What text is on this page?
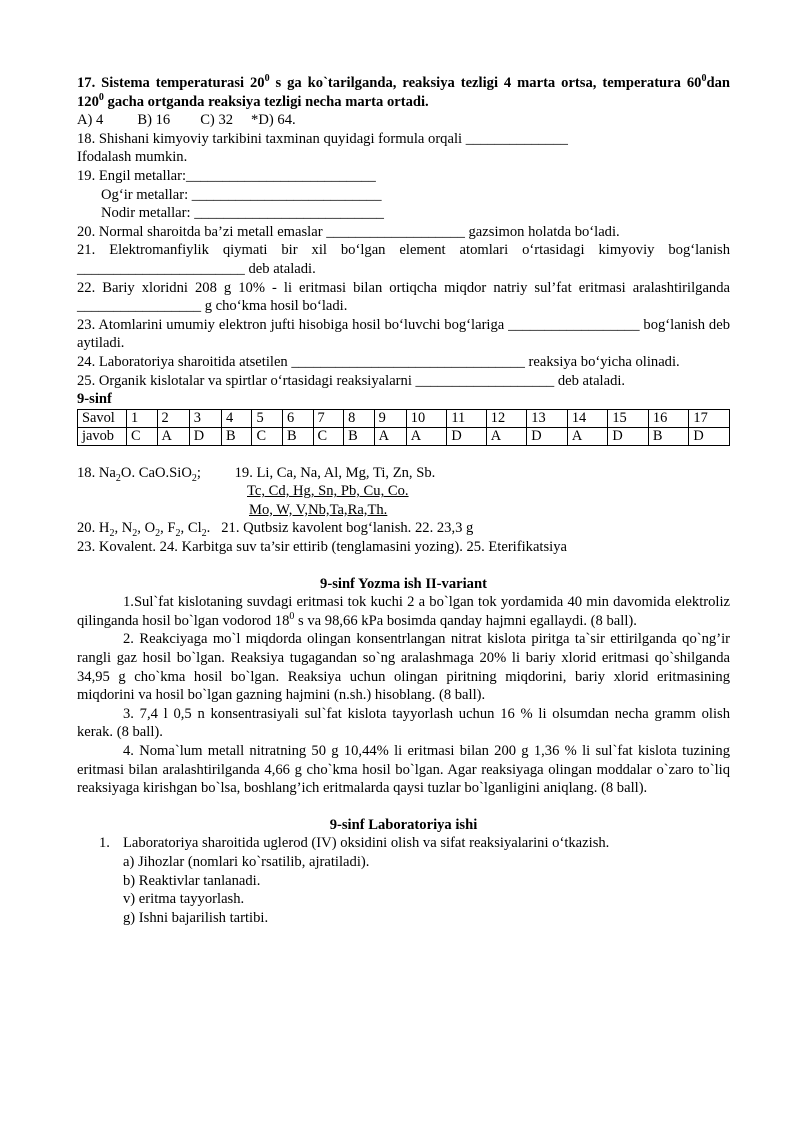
17. Sistema temperaturasi $20^0$ s ga ko`tarilganda, reaksiya tezligi 4 marta ortsa, temperatura $60^0dan$ $120^0$ gacha ortganda reaksiya tezligi necha marta ortadi.

A) 4 B) 16 C) 32 *D) 64.

18. Shishani kimyoviy tarkibini taxminan quyidagi formula orqali ______________

Ifodalash mumkin.

19. Engil metallar:__________________________

Og‘ir metallar: __________________________

Nodir metallar: __________________________

20. Normal sharoitda ba’zi metall emaslar ___________________ gazsimon holatda bo‘ladi.

21. Elektromanfiylik qiymati bir xil bo‘lgan element atomlari o‘rtasidagi kimyoviy bog‘lanish _______________________ deb ataladi.

22. Bariy xloridni 208 g 10% - li eritmasi bilan ortiqcha miqdor natriy sul’fat eritmasi aralashtirilganda _________________ g cho‘kma hosil bo‘ladi.

23. Atomlarini umumiy elektron jufti hisobiga hosil bo‘luvchi bog‘lariga __________________ bog‘lanish deb aytiladi.

24. Laboratoriya sharoitida atsetilen ________________________________ reaksiya bo‘yicha olinadi.

25. Organik kislotalar va spirtlar o‘rtasidagi reaksiyalarni ___________________ deb ataladi.

9-sinf

Savol	1	2	3	4	5	6	7	8	9	10	11	12	13	14	15	16	17
javob	C	A	D	B	C	B	C	B	A	A	D	A	D	A	D	B	D

18. $Na_2O$. CaO.SiO$_2$; 19. Li, Ca, Na, Al, Mg, Ti, Zn, Sb.

Tc, Cd, Hg, Sn, Pb, Cu, Co.

Mo, W, V,Nb,Ta,Ra,Th.

20. $H_2$, $N_2$, $O_2$, $F_2$, $Cl_2$.   21. Qutbsiz kavolent bog‘lanish. 22. 23,3 g

23. Kovalent. 24. Karbitga suv ta’sir ettirib (tenglamasini yozing). 25. Eterifikatsiya

9-sinf Yozma ish II-variant

1.Sul`fat kislotaning suvdagi eritmasi tok kuchi 2 a bo`lgan tok yordamida 40 min davomida elektroliz qilinganda hosil bo`lgan vodorod $18^0$ s va 98,66 kPa bosimda qanday hajmni egallaydi. (8 ball).

2. Reakciyaga mo`l miqdorda olingan konsentrlangan nitrat kislota piritga ta`sir ettirilganda qo`ng’ir rangli gaz hosil bo`lgan. Reaksiya tugagandan so`ng aralashmaga 20% li bariy xlorid eritmasi qo`shilganda 34,95 g cho`kma hosil bo`lgan. Reaksiya uchun olingan piritning miqdorini, bariy xlorid eritmasining miqdorini va hosil bo`lgan gazning hajmini (n.sh.) hisoblang. (8 ball).

3. 7,4 l 0,5 n konsentrasiyali sul`fat kislota tayyorlash uchun 16 % li olsumdan necha gramm olish kerak. (8 ball).

4. Noma`lum metall nitratning 50 g 10,44% li eritmasi bilan 200 g 1,36 % li sul`fat kislota tuzining eritmasi bilan aralashtirilganda 4,66 g cho`kma hosil bo`lgan. Agar reaksiyaga olingan moddalar o`zaro to`liq reaksiyaga kirishgan bo`lsa, boshlang’ich eritmalarda qaysi tuzlar bo`lganligini aniqlang. (8 ball).

9-sinf Laboratoriya ishi

1. Laboratoriya sharoitida uglerod (IV) oksidini olish va sifat reaksiyalarini o‘tkazish.

a) Jihozlar (nomlari ko`rsatilib, ajratiladi).

b) Reaktivlar tanlanadi.

v) eritma tayyorlash.

g) Ishni bajarilish tartibi.
